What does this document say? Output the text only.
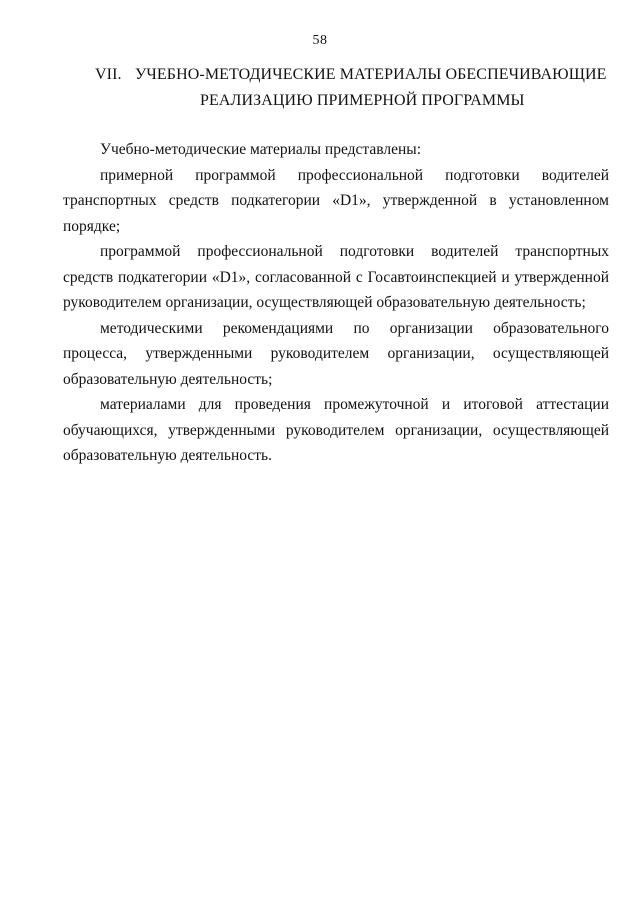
58
VII. УЧЕБНО-МЕТОДИЧЕСКИЕ МАТЕРИАЛЫ ОБЕСПЕЧИВАЮЩИЕ
РЕАЛИЗАЦИЮ ПРИМЕРНОЙ ПРОГРАММЫ

Учебно-методические материалы представлены:

примерной программой профессиональной подготовки водителей транспортных средств подкатегории «D1», утвержденной в установленном порядке;

программой профессиональной подготовки водителей транспортных средств подкатегории «D1», согласованной с Госавтоинспекцией и утвержденной руководителем организации, осуществляющей образовательную деятельность;

методическими рекомендациями по организации образовательного процесса, утвержденными руководителем организации, осуществляющей образовательную деятельность;

материалами для проведения промежуточной и итоговой аттестации обучающихся, утвержденными руководителем организации, осуществляющей образовательную деятельность.
